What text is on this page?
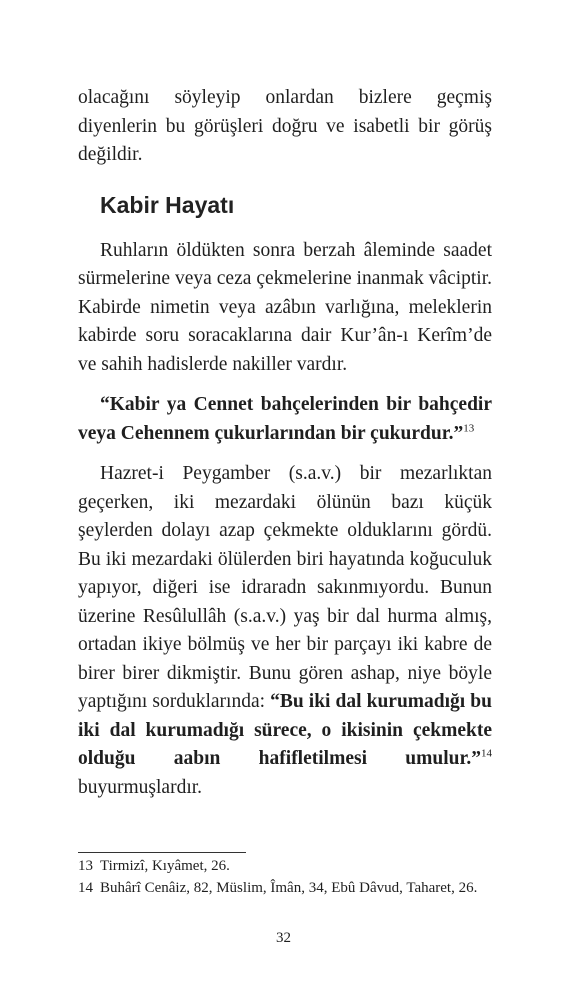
olacağını söyleyip onlardan bizlere geçmiş diyenlerin bu görüşleri doğru ve isabetli bir görüş değildir.

Kabir Hayatı

Ruhların öldükten sonra berzah âleminde saadet sürmelerine veya ceza çekmelerine inanmak vâciptir. Kabirde nimetin veya azâbın varlığına, meleklerin kabirde soru soracaklarına dair Kur’ân-ı Kerîm’de ve sahih hadislerde nakiller vardır.

“Kabir ya Cennet bahçelerinden bir bahçedir veya Cehennem çukurlarından bir çukurdur.”$^{13}$

Hazret-i Peygamber (s.a.v.) bir mezarlıktan geçerken, iki mezardaki ölünün bazı küçük şeylerden dolayı azap çekmekte olduklarını gördü. Bu iki mezardaki ölülerden biri hayatında koğuculuk yapıyor, diğeri ise idraradn sakınmıyordu. Bunun üzerine Resûlullâh (s.a.v.) yaş bir dal hurma almış, ortadan ikiye bölmüş ve her bir parçayı iki kabre de birer birer dikmiştir. Bunu gören ashap, niye böyle yaptığını sorduklarında: “Bu iki dal kurumadığı bu iki dal kurumadığı sürece, o ikisinin çekmekte olduğu aabın hafifletilmesi umulur.”$^{14}$ buyurmuşlardır.

13 Tirmizî, Kıyâmet, 26.
14 Buhârî Cenâiz, 82, Müslim, Îmân, 34, Ebû Dâvud, Taharet, 26.
32
